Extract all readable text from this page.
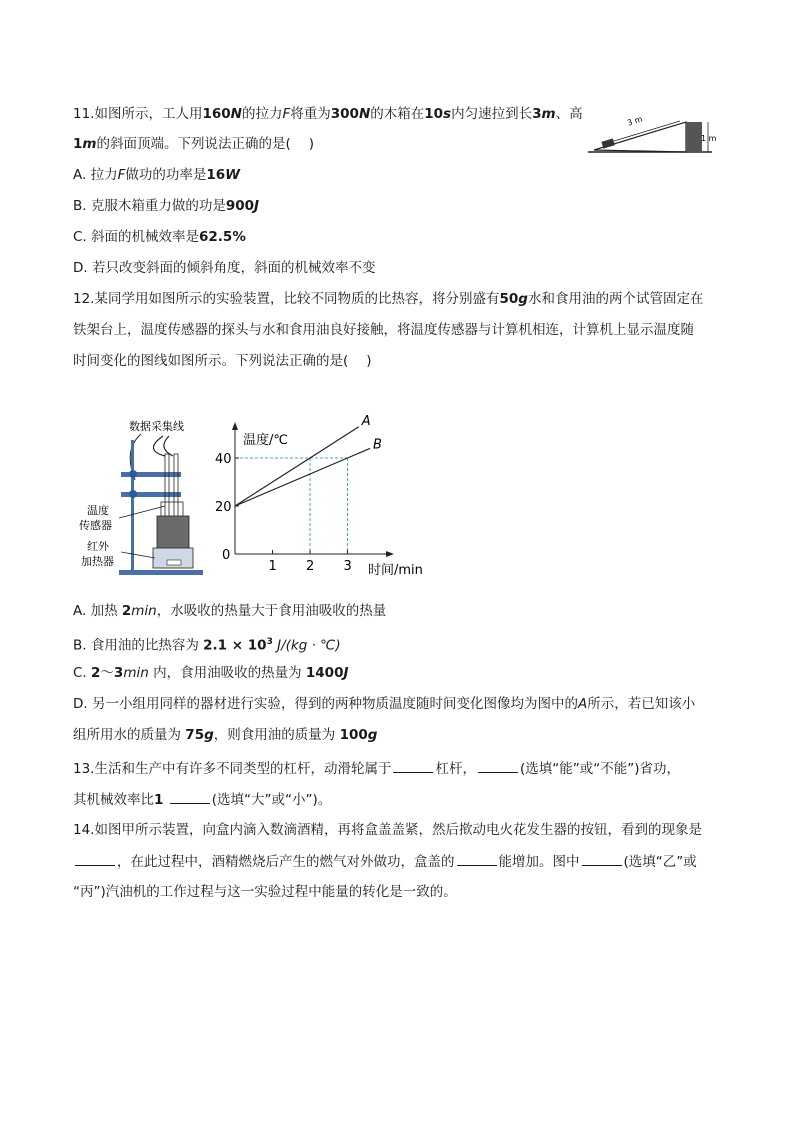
11.如图所示，工人用160N的拉力F将重为300N的木箱在10s内匀速拉到长3m、高
1m的斜面顶端。下列说法正确的是( )
3 m
1 m
A. 拉力F做功的功率是16W
B. 克服木箱重力做的功是900J
C. 斜面的机械效率是62.5%
D. 若只改变斜面的倾斜角度，斜面的机械效率不变
12.某同学用如图所示的实验装置，比较不同物质的比热容，将分别盛有50g水和食用油的两个试管固定在
铁架台上，温度传感器的探头与水和食用油良好接触，将温度传感器与计算机相连，计算机上显示温度随
时间变化的图线如图所示。下列说法正确的是( )
数据采集线
温度
传感器
红外
加热器
温度/℃
时间/min
1 2 3
0
20
40
A
B
A. 加热 2min，水吸收的热量大于食用油吸收的热量
B. 食用油的比热容为 $2.1 \times 10^3$ J/(kg · ℃)
C. 2～3min 内，食用油吸收的热量为 1400J
D. 另一小组用同样的器材进行实验，得到的两种物质温度随时间变化图像均为图中的A所示，若已知该小
组所用水的质量为 75g，则食用油的质量为 100g
13.生活和生产中有许多不同类型的杠杆，动滑轮属于	杠杆，	(选填“能”或“不能”)省功，
其机械效率比1	(选填“大”或“小”)。
14.如图甲所示装置，向盒内滴入数滴酒精，再将盒盖盖紧，然后揿动电火花发生器的按钮，看到的现象是
，在此过程中，酒精燃烧后产生的燃气对外做功，盒盖的	能增加。图中	(选填“乙”或
“丙”)汽油机的工作过程与这一实验过程中能量的转化是一致的。
